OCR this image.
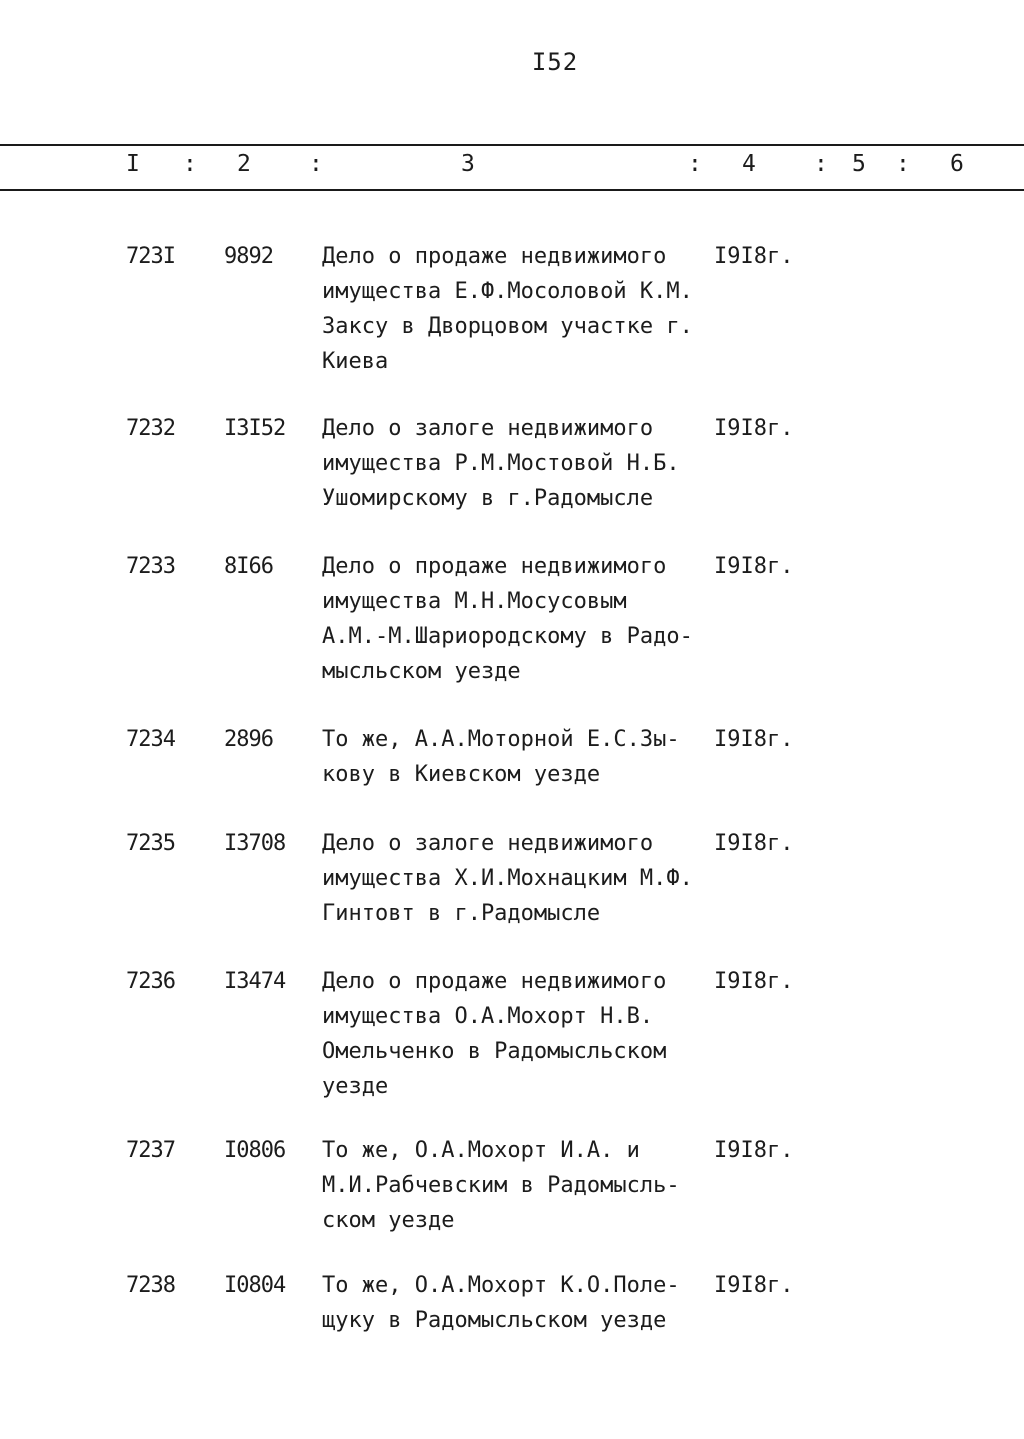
I52
I : 2	:	3	: 4	: 5 : 6
723I 9892 Дело о продаже недвижимого
имущества Е.Ф.Мосоловой К.М.
Заксу в Дворцовом участке г.
Киева
I9I8г.
7232 I3I52 Дело о залоге недвижимого
имущества Р.М.Мостовой Н.Б.
Ушомирскому в г.Радомысле
I9I8г.
7233 8I66 Дело о продаже недвижимого
имущества М.Н.Мосусовым
А.М.-М.Шариородскому в Радо-
мысльском уезде
I9I8г.
7234 2896 То же, А.А.Моторной Е.С.Зы-
кову в Киевском уезде
I9I8г.
7235 I3708 Дело о залоге недвижимого
имущества Х.И.Мохнацким М.Ф.
Гинтовт в г.Радомысле
I9I8г.
7236 I3474 Дело о продаже недвижимого
имущества О.А.Мохорт Н.В.
Омельченко в Радомысльском
уезде
I9I8г.
7237 I0806 То же, О.А.Мохорт И.А. и
М.И.Рабчевским в Радомысль-
ском уезде
I9I8г.
7238 I0804 То же, О.А.Мохорт К.О.Поле-
щуку в Радомысльском уезде
I9I8г.
